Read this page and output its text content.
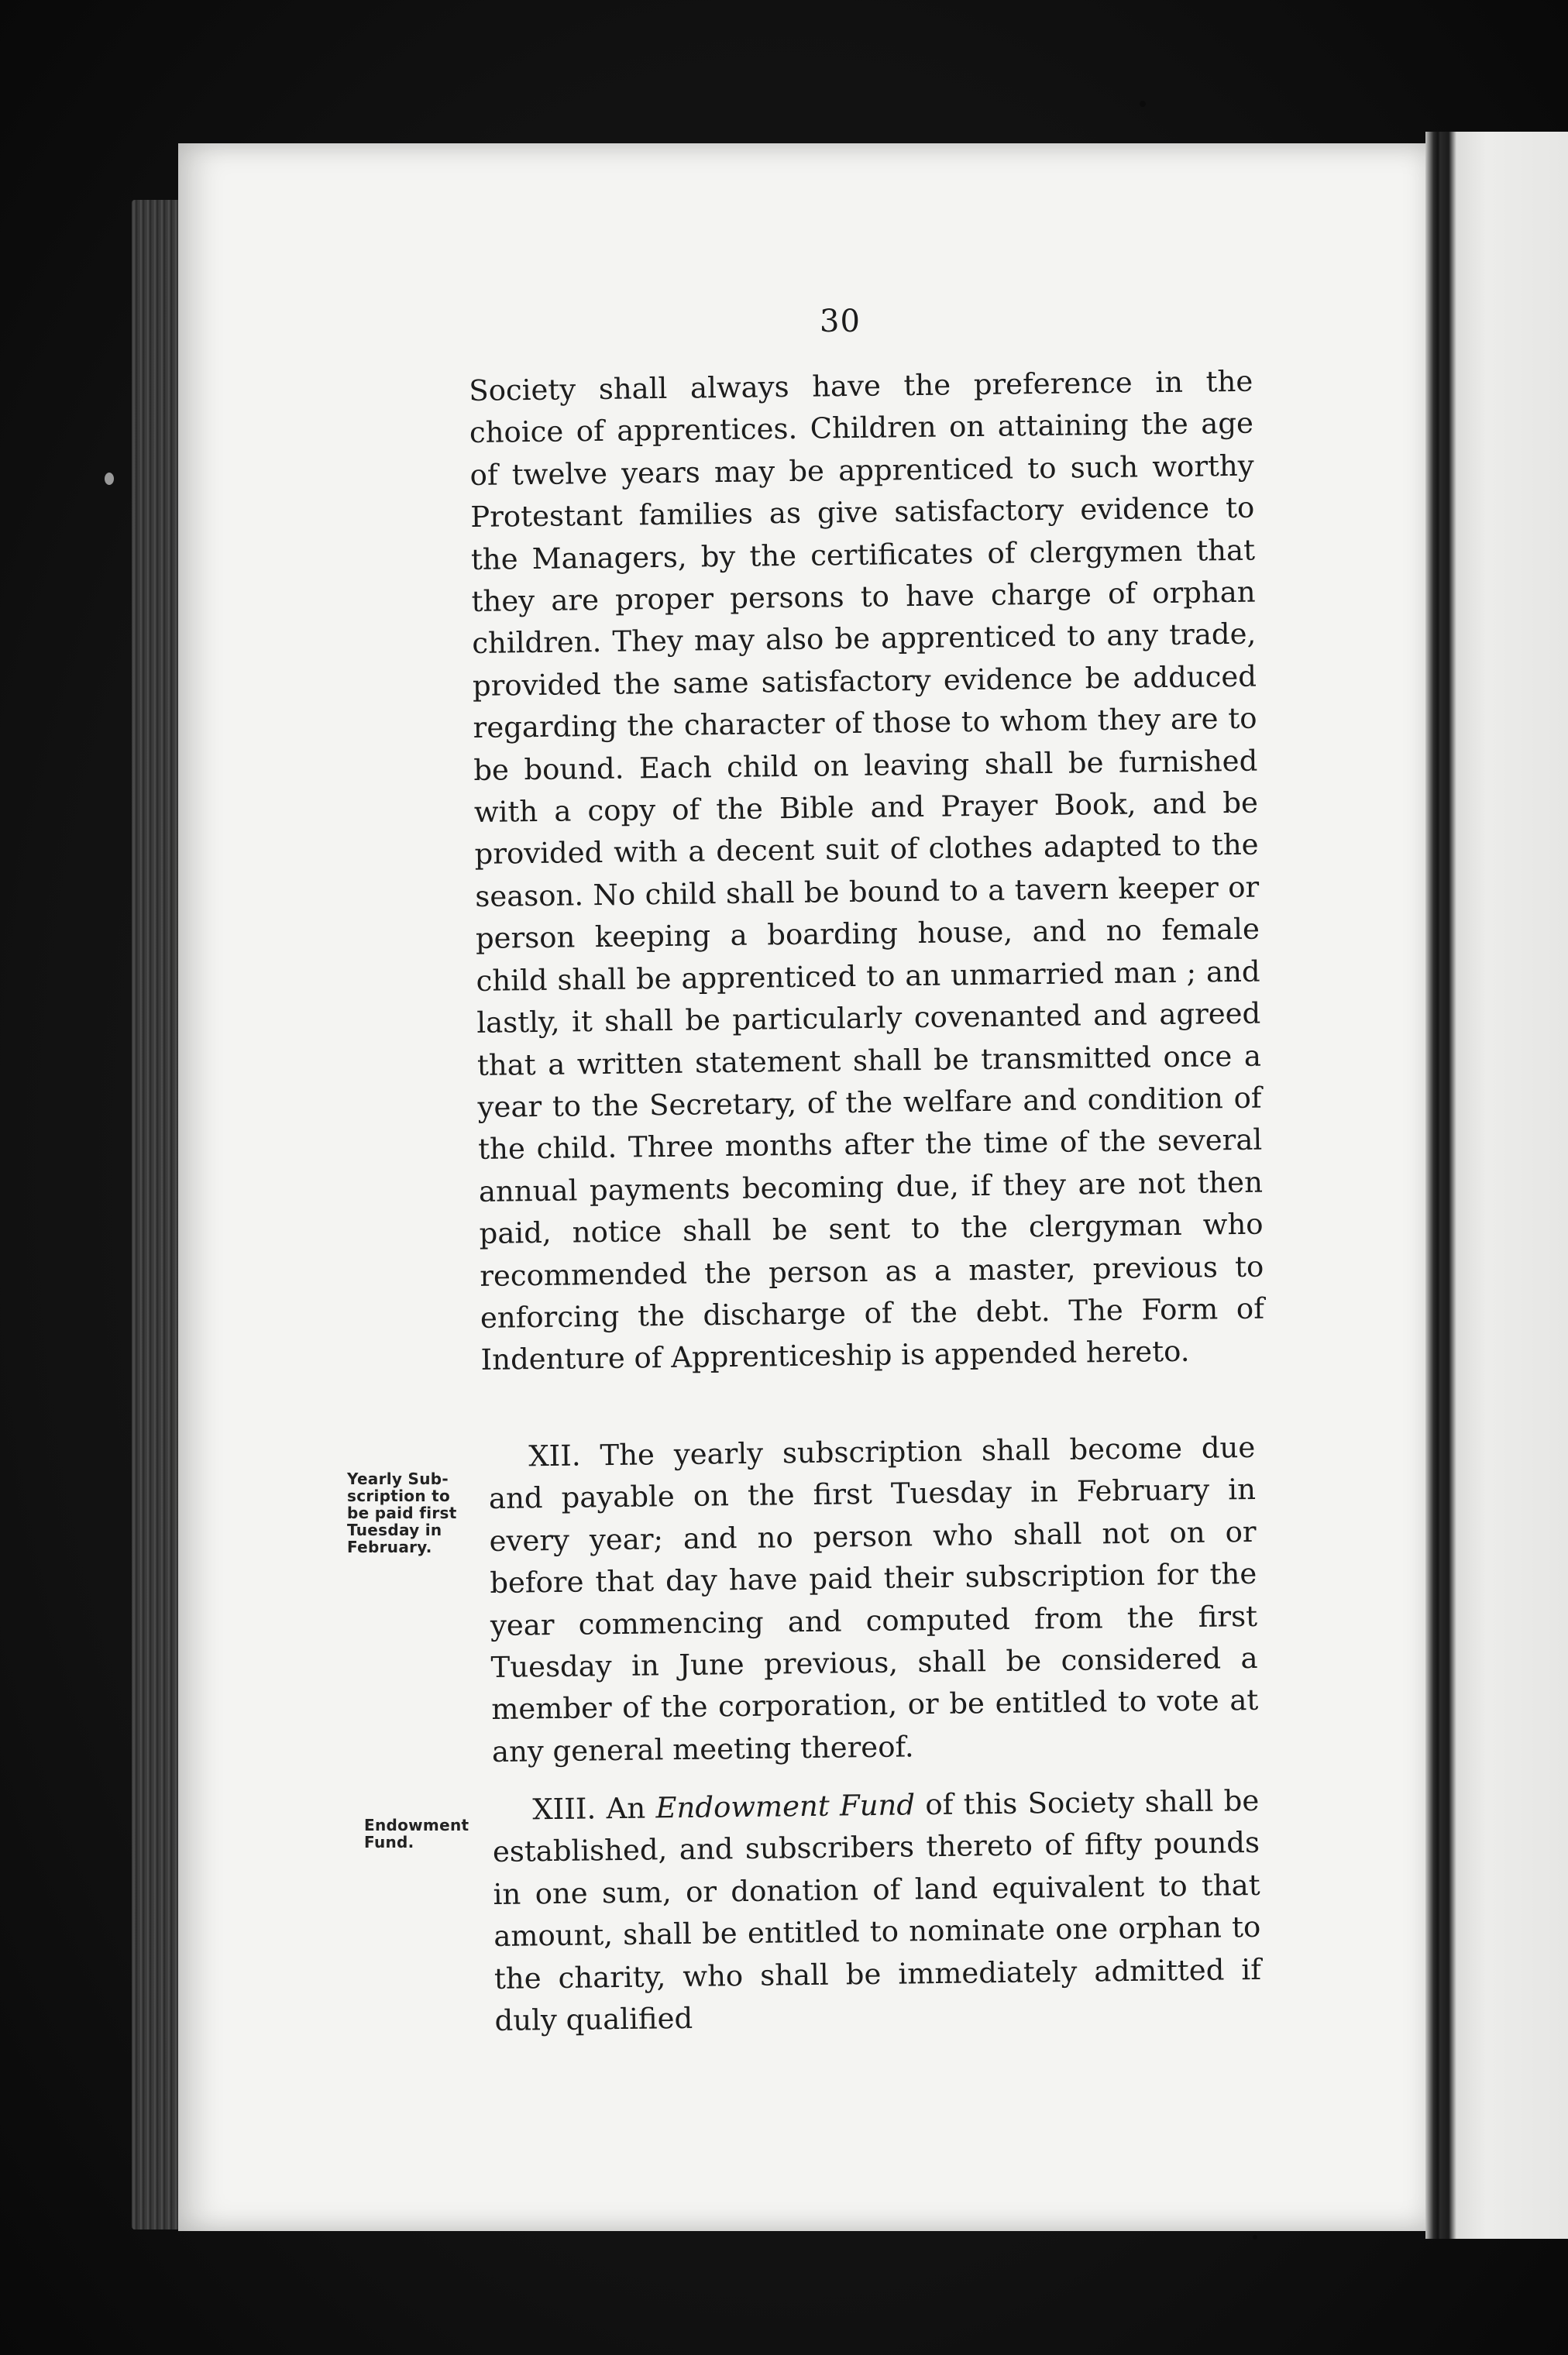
30

Society shall always have the preference in the choice of apprentices. Children on attaining the age of twelve years may be apprenticed to such worthy Protestant families as give satisfactory evidence to the Managers, by the certificates of clergymen that they are proper persons to have charge of orphan children. They may also be apprenticed to any trade, provided the same satisfactory evidence be adduced regarding the character of those to whom they are to be bound. Each child on leaving shall be furnished with a copy of the Bible and Prayer Book, and be provided with a decent suit of clothes adapted to the season. No child shall be bound to a tavern keeper or person keeping a boarding house, and no female child shall be apprenticed to an unmarried man ; and lastly, it shall be particularly covenanted and agreed that a written statement shall be transmitted once a year to the Secretary, of the welfare and condition of the child. Three months after the time of the several annual payments becoming due, if they are not then paid, notice shall be sent to the clergyman who recommended the person as a master, previous to enforcing the discharge of the debt. The Form of Indenture of Apprenticeship is appended hereto.

Yearly Sub-
scription to
be paid first
Tuesday in
February.

XII. The yearly subscription shall become due and payable on the first Tuesday in February in every year; and no person who shall not on or before that day have paid their subscription for the year commencing and computed from the first Tuesday in June previous, shall be considered a member of the corporation, or be entitled to vote at any general meeting thereof.

Endowment
Fund.

XIII. An Endowment Fund of this Society shall be established, and subscribers thereto of fifty pounds in one sum, or donation of land equivalent to that amount, shall be entitled to nominate one orphan to the charity, who shall be immediately admitted if duly qualified
